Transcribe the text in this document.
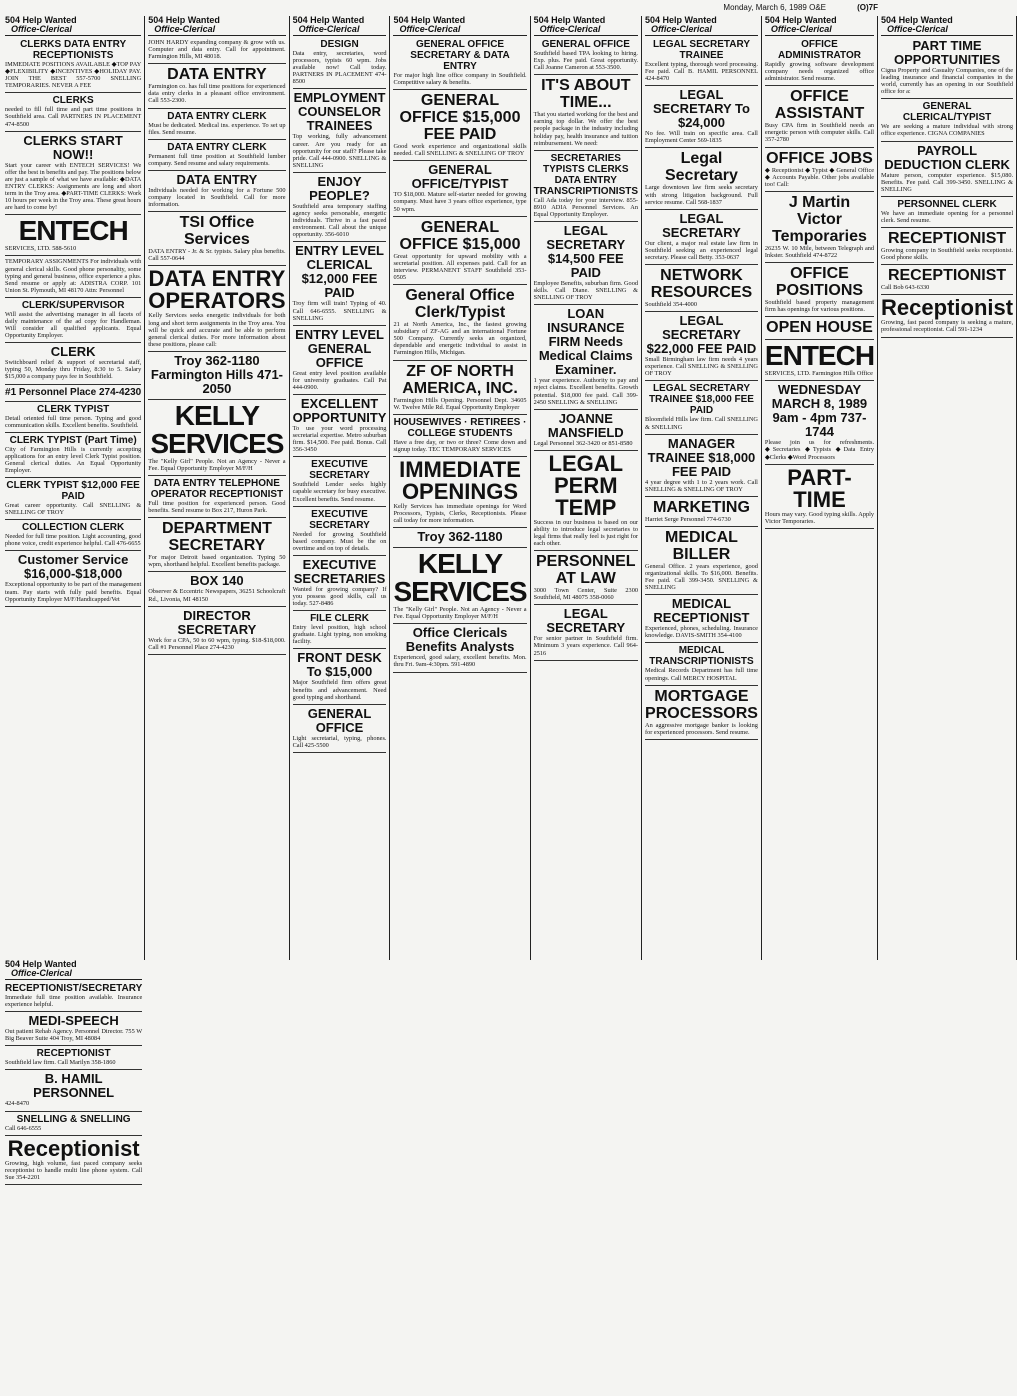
Monday, March 6, 1989 O&E	(O)7F
504 Help Wanted
Office-Clerical
CLERKS DATA ENTRY RECEPTIONISTS
IMMEDIATE POSITIONS AVAILABLE ◆TOP PAY ◆FLEXIBILITY ◆INCENTIVES ◆HOLIDAY PAY. JOIN THE BEST 557-5700 SNELLING TEMPORARIES. NEVER A FEE
CLERKS
needed to fill full time and part time positions in Southfield area. Call PARTNERS IN PLACEMENT 474-8500
CLERKS START NOW!!
Start your career with ENTECH SERVICES! We offer the best in benefits and pay. The positions below are just a sample of what we have available: ◆DATA ENTRY CLERKS: Assignments are long and short term in the Troy area. ◆PART-TIME CLERKS: Work 10 hours per week in the Troy area. These great hours are hard to come by!
ENTECH
SERVICES, LTD. 588-5610
TEMPORARY ASSIGNMENTS For individuals with general clerical skills. Good phone personality, some typing and general business, office experience a plus. Send resume or apply at: ADISTRA CORP. 101 Union St. Plymouth, MI 48170 Attn: Personnel
CLERK/SUPERVISOR
Will assist the advertising manager in all facets of daily maintenance of the ad copy for Handleman. Will consider all qualified applicants. Equal Opportunity Employer.
CLERK
Switchboard relief & support of secretarial staff, typing 50, Monday thru Friday, 8:30 to 5. Salary $15,000 a company pays fee in Southfield.
#1 Personnel Place 274-4230
CLERK TYPIST
Detail oriented full time person. Typing and good communication skills. Excellent benefits. Southfield.
CLERK TYPIST (Part Time)
City of Farmington Hills is currently accepting applications for an entry level Clerk Typist position. General clerical duties. An Equal Opportunity Employer.
CLERK TYPIST $12,000 FEE PAID
Great career opportunity. Call SNELLING & SNELLING OF TROY
COLLECTION CLERK
Needed for full time position. Light accounting, good phone voice, credit experience helpful. Call 476-6655
Customer Service $16,000-$18,000
Exceptional opportunity to be part of the management team. Pay starts with fully paid benefits. Equal Opportunity Employer M/F/Handicapped/Vet
504 Help Wanted
Office-Clerical
JOHN HARDY expanding company & grow with us. Computer and data entry. Call for appointment. Farmington Hills, MI 48018.
DATA ENTRY
Farmington co. has full time positions for experienced data entry clerks in a pleasant office environment. Call 553-2300.
DATA ENTRY CLERK
Must be dedicated. Medical ins. experience. To set up files. Send resume.
DATA ENTRY CLERK
Permanent full time position at Southfield lumber company. Send resume and salary requirements.
DATA ENTRY
Individuals needed for working for a Fortune 500 company located in Southfield. Call for more information.
TSI Office Services
DATA ENTRY - Jr. & Sr. typists. Salary plus benefits. Call 557-0644
DATA ENTRY OPERATORS
Kelly Services seeks energetic individuals for both long and short term assignments in the Troy area. You will be quick and accurate and be able to perform general clerical duties. For more information about these positions, please call:
Troy 362-1180 Farmington Hills 471-2050
KELLY SERVICES
The "Kelly Girl" People. Not an Agency - Never a Fee. Equal Opportunity Employer M/F/H
DATA ENTRY TELEPHONE OPERATOR RECEPTIONIST
Full time position for experienced person. Good benefits. Send resume to Box 217, Huron Park.
DEPARTMENT SECRETARY
For major Detroit based organization. Typing 50 wpm, shorthand helpful. Excellent benefits package.
BOX 140
Observer & Eccentric Newspapers, 36251 Schoolcraft Rd., Livonia, MI 48150
DIRECTOR SECRETARY
Work for a CPA, 50 to 60 wpm, typing. $18-$18,000. Call #1 Personnel Place 274-4230
504 Help Wanted
Office-Clerical
DESIGN
Data entry, secretaries, word processors, typists 60 wpm. Jobs available now! Call today. PARTNERS IN PLACEMENT 474-8500
EMPLOYMENT COUNSELOR TRAINEES
Top working, fully advancement career. Are you ready for an opportunity for our staff? Please take pride. Call 444-0900. SNELLING & SNELLING
ENJOY PEOPLE?
Southfield area temporary staffing agency seeks personable, energetic individuals. Thrive in a fast paced environment. Call about the unique opportunity. 356-6010
ENTRY LEVEL CLERICAL $12,000 FEE PAID
Troy firm will train! Typing of 40. Call 646-6555. SNELLING & SNELLING
ENTRY LEVEL GENERAL OFFICE
Great entry level position available for university graduates. Call Pat 444-0900.
EXCELLENT OPPORTUNITY
To use your word processing secretarial expertise. Metro suburban firm. $14,500. Fee paid. Bonus. Call 356-3450
EXECUTIVE SECRETARY
Southfield Lender seeks highly capable secretary for busy executive. Excellent benefits. Send resume.
EXECUTIVE SECRETARY
Needed for growing Southfield based company. Must be the on overtime and on top of details.
EXECUTIVE SECRETARIES
Wanted for growing company? If you possess good skills, call us today. 527-8486
FILE CLERK
Entry level position, high school graduate. Light typing, non smoking facility.
FRONT DESK To $15,000
Major Southfield firm offers great benefits and advancement. Need good typing and shorthand.
GENERAL OFFICE
Light secretarial, typing, phones. Call 425-5500
504 Help Wanted
Office-Clerical
GENERAL OFFICE SECRETARY & DATA ENTRY
For major high line office company in Southfield. Competitive salary & benefits.
GENERAL OFFICE $15,000 FEE PAID
Good work experience and organizational skills needed. Call SNELLING & SNELLING OF TROY
GENERAL OFFICE/TYPIST
TO $18,000. Mature self-starter needed for growing company. Must have 3 years office experience, type 50 wpm.
GENERAL OFFICE $15,000
Great opportunity for upward mobility with a secretarial position. All expenses paid. Call for an interview. PERMANENT STAFF Southfield 353-0505
General Office Clerk/Typist
21 at North America, Inc., the fastest growing subsidiary of ZF-AG and an international Fortune 500 Company. Currently seeks an organized, dependable and energetic individual to assist in Farmington Hills, Michigan.
ZF OF NORTH AMERICA, INC.
Farmington Hills Opening. Personnel Dept. 34605 W. Twelve Mile Rd. Equal Opportunity Employer
HOUSEWIVES · RETIREES · COLLEGE STUDENTS
Have a free day, or two or three? Come down and signup today. TEC TEMPORARY SERVICES
IMMEDIATE OPENINGS
Kelly Services has immediate openings for Word Processors, Typists, Clerks, Receptionists. Please call today for more information.
Troy 362-1180
KELLY SERVICES
The "Kelly Girl" People. Not an Agency - Never a Fee. Equal Opportunity Employer M/F/H
Office Clericals Benefits Analysts
Experienced, good salary, excellent benefits. Mon. thru Fri. 9am-4:30pm. 591-4890
504 Help Wanted
Office-Clerical
GENERAL OFFICE
Southfield based TPA looking to hiring. Exp. plus. Fee paid. Great opportunity. Call Joanne Cameron at 553-3500.
IT'S ABOUT TIME...
That you started working for the best and earning top dollar. We offer the best people package in the industry including holiday pay, health insurance and tuition reimbursement. We need:
SECRETARIES TYPISTS CLERKS DATA ENTRY TRANSCRIPTIONISTS
Call Ada today for your interview. 855-8910 ADIA Personnel Services. An Equal Opportunity Employer.
LEGAL SECRETARY $14,500 FEE PAID
Employee Benefits, suburban firm. Good skills. Call Diane. SNELLING & SNELLING OF TROY
LOAN INSURANCE FIRM Needs Medical Claims Examiner.
1 year experience. Authority to pay and reject claims. Excellent benefits. Growth potential. $18,000 fee paid. Call 399-2450 SNELLING & SNELLING
JOANNE MANSFIELD
Legal Personnel 362-3420 or 851-8580
LEGAL PERM TEMP
Success in our business is based on our ability to introduce legal secretaries to legal firms that really feel is just right for each other.
PERSONNEL AT LAW
3000 Town Center, Suite 2300 Southfield, MI 48075 358-0060
LEGAL SECRETARY
For senior partner in Southfield firm. Minimum 3 years experience. Call 964-2516
504 Help Wanted
Office-Clerical
LEGAL SECRETARY TRAINEE
Excellent typing, thorough word processing. Fee paid. Call B. HAMIL PERSONNEL 424-8470
LEGAL SECRETARY To $24,000
No fee. Will train on specific area. Call Employment Center 569-1835
Legal Secretary
Large downtown law firm seeks secretary with strong litigation background. Full service resume. Call 568-1837
LEGAL SECRETARY
Our client, a major real estate law firm in Southfield seeking an experienced legal secretary. Please call Betty. 353-0637
NETWORK RESOURCES
Southfield 354-4000
LEGAL SECRETARY $22,000 FEE PAID
Small Birmingham law firm needs 4 years experience. Call SNELLING & SNELLING OF TROY
LEGAL SECRETARY TRAINEE $18,000 FEE PAID
Bloomfield Hills law firm. Call SNELLING & SNELLING
MANAGER TRAINEE $18,000 FEE PAID
4 year degree with 1 to 2 years work. Call SNELLING & SNELLING OF TROY
MARKETING
Harriet Serge Personnel 774-6730
MEDICAL BILLER
General Office. 2 years experience, good organizational skills. To $16,000. Benefits. Fee paid. Call 399-3450. SNELLING & SNELLING
MEDICAL RECEPTIONIST
Experienced, phones, scheduling. Insurance knowledge. DAVIS-SMITH 354-4100
MEDICAL TRANSCRIPTIONISTS
Medical Records Department has full time openings. Call MERCY HOSPITAL
MORTGAGE PROCESSORS
An aggressive mortgage banker is looking for experienced processors. Send resume.
504 Help Wanted
Office-Clerical
OFFICE ADMINISTRATOR
Rapidly growing software development company needs organized office administrator. Send resume.
OFFICE ASSISTANT
Busy CPA firm in Southfield needs an energetic person with computer skills. Call 357-2780
OFFICE JOBS
◆ Receptionist ◆ Typist ◆ General Office ◆ Accounts Payable. Other jobs available too! Call:
J Martin Victor Temporaries
26235 W. 10 Mile, between Telegraph and Inkster. Southfield 474-8722
OFFICE POSITIONS
Southfield based property management firm has openings for various positions.
OPEN HOUSE
ENTECH
SERVICES, LTD. Farmington Hills Office
WEDNESDAY MARCH 8, 1989 9am - 4pm 737-1744
Please join us for refreshments. ◆Secretaries ◆Typists ◆Data Entry ◆Clerks ◆Word Processors
PART-TIME
Hours may vary. Good typing skills. Apply Victor Temporaries.
504 Help Wanted
Office-Clerical
PART TIME OPPORTUNITIES
Cigna Property and Casualty Companies, one of the leading insurance and financial companies in the world, currently has an opening in our Southfield office for a:
GENERAL CLERICAL/TYPIST
We are seeking a mature individual with strong office experience. CIGNA COMPANIES
PAYROLL DEDUCTION CLERK
Mature person, computer experience. $15,080. Benefits. Fee paid. Call 399-3450. SNELLING & SNELLING
PERSONNEL CLERK
We have an immediate opening for a personnel clerk. Send resume.
RECEPTIONIST
Growing company in Southfield seeks receptionist. Good phone skills.
RECEPTIONIST
Call Bob 643-6330
Receptionist
Growing, fast paced company is seeking a mature, professional receptionist. Call 591-1234
504 Help Wanted
Office-Clerical
RECEPTIONIST/SECRETARY
Immediate full time position available. Insurance experience helpful.
MEDI-SPEECH
Out patient Rehab Agency. Personnel Director. 755 W Big Beaver Suite 404 Troy, MI 48084
RECEPTIONIST
Southfield law firm. Call Marilyn 358-1860
B. HAMIL PERSONNEL
424-8470
SNELLING & SNELLING
Call 646-6555
Receptionist
Growing, high volume, fast paced company seeks receptionist to handle multi line phone system. Call Sue 354-2201
